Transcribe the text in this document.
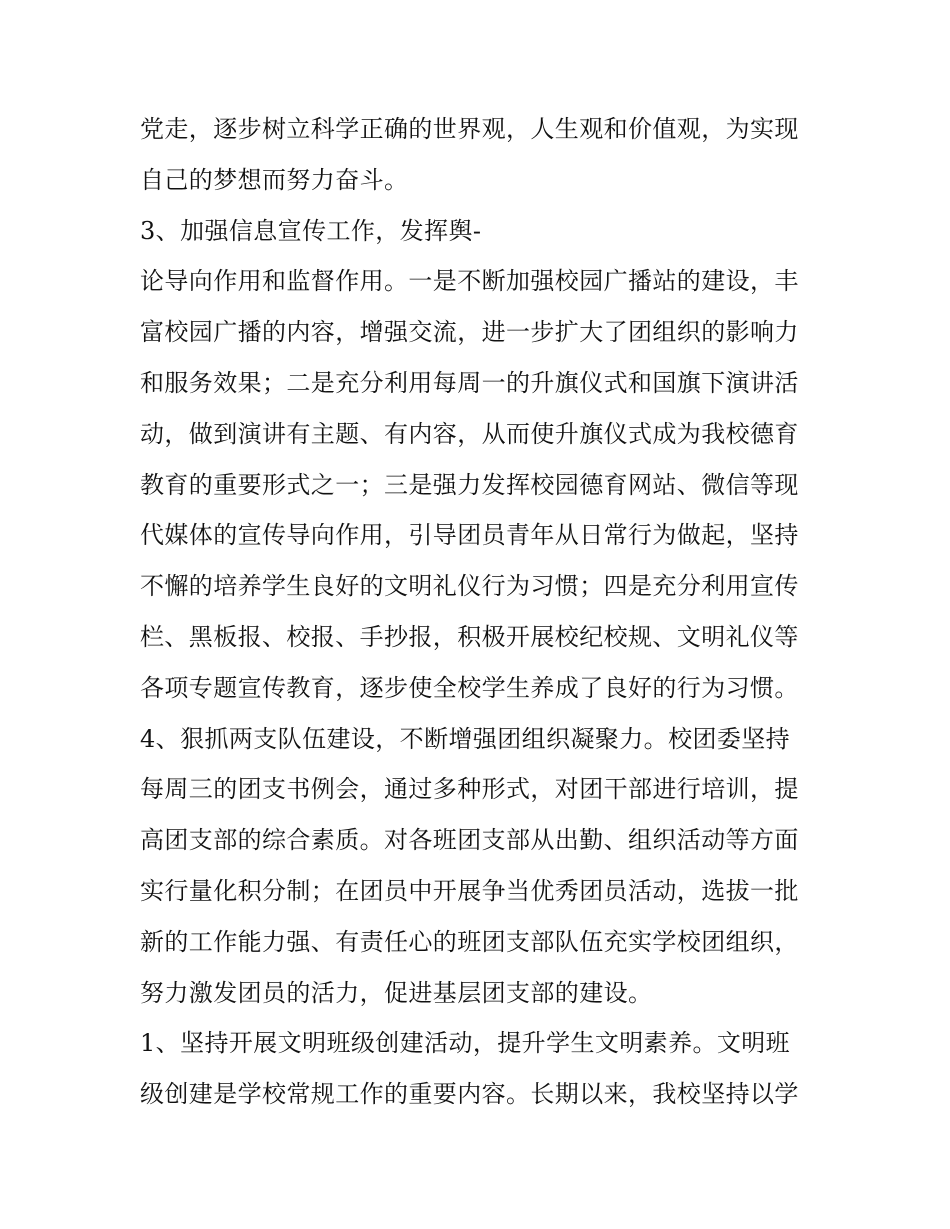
党走，逐步树立科学正确的世界观，人生观和价值观，为实现
自己的梦想而努力奋斗。
3、加强信息宣传工作，发挥舆-
论导向作用和监督作用。一是不断加强校园广播站的建设，丰
富校园广播的内容，增强交流，进一步扩大了团组织的影响力
和服务效果；二是充分利用每周一的升旗仪式和国旗下演讲活
动，做到演讲有主题、有内容，从而使升旗仪式成为我校德育
教育的重要形式之一；三是强力发挥校园德育网站、微信等现
代媒体的宣传导向作用，引导团员青年从日常行为做起，坚持
不懈的培养学生良好的文明礼仪行为习惯；四是充分利用宣传
栏、黑板报、校报、手抄报，积极开展校纪校规、文明礼仪等
各项专题宣传教育，逐步使全校学生养成了良好的行为习惯。
4、狠抓两支队伍建设，不断增强团组织凝聚力。校团委坚持
每周三的团支书例会，通过多种形式，对团干部进行培训，提
高团支部的综合素质。对各班团支部从出勤、组织活动等方面
实行量化积分制；在团员中开展争当优秀团员活动，选拔一批
新的工作能力强、有责任心的班团支部队伍充实学校团组织，
努力激发团员的活力，促进基层团支部的建设。
1、坚持开展文明班级创建活动，提升学生文明素养。文明班
级创建是学校常规工作的重要内容。长期以来，我校坚持以学
